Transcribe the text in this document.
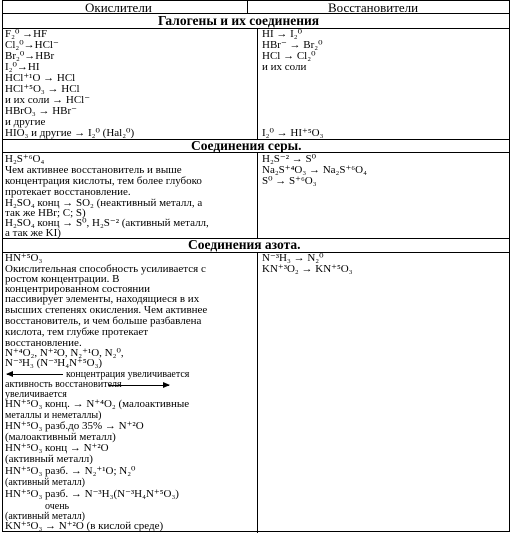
Окислители	Восстановители
Галогены и их соединения
F₂⁰ →HF
Cl₂⁰→HCl⁻
Br₂⁰→HBr
I₂⁰→HI
HCl⁺¹O → HCl
HCl⁺⁵O₃ → HCl
и их соли → HCl⁻
HBrO₃ → HBr⁻
и другие
HIO₃ и другие → I₂⁰ (Hal₂⁰)
HI → I₂⁰
HBr⁻ → Br₂⁰
HCl → Cl₂⁰
и их соли
I₂⁰ → HI⁺⁵O₃
Соединения серы.
H₂S⁺⁶O₄
Чем активнее восстановитель и выше
концентрация кислоты, тем более глубоко
протекает восстановление.
H₂SO₄ конц → SO₂ (неактивный металл, а
так же HBr; C; S)
H₂SO₄ конц → S⁰, H₂S⁻² (активный металл,
а так же KI)
H₂S⁻² → S⁰
Na₂S⁺⁴O₃ → Na₂S⁺⁶O₄
S⁰ → S⁺⁶O₃
Соединения азота.
HN⁺⁵O₃
Окислительная способность усиливается с
ростом концентрации. В
концентрированном состоянии
пассивирует элементы, находящиеся в их
высших степенях окисления. Чем активнее
восстановитель, и чем больше разбавлена
кислота, тем глубже протекает
восстановление.
N⁺⁴O₂, N⁺²O, N₂⁺¹O, N₂⁰,
N⁻³H₃ (N⁻³H₄N⁺⁵O₃)
концентрация увеличивается
активность восстановителя
увеличивается
HN⁺⁵O₃ конц. → N⁺⁴O₂ (малоактивные
металлы и неметаллы)
HN⁺⁵O₃ разб.до 35% → N⁺²O
(малоактивный металл)
HN⁺⁵O₃ конц → N⁺²O
(активный металл)
HN⁺⁵O₃ разб. → N₂⁺¹O; N₂⁰
(активный металл)
HN⁺⁵O₃ разб. → N⁻³H₃(N⁻³H₄N⁺⁵O₃)
очень
(активный металл)
KN⁺⁵O₃ → N⁺²O (в кислой среде)
N⁻³H₃ → N₂⁰
KN⁺³O₂ → KN⁺⁵O₃
